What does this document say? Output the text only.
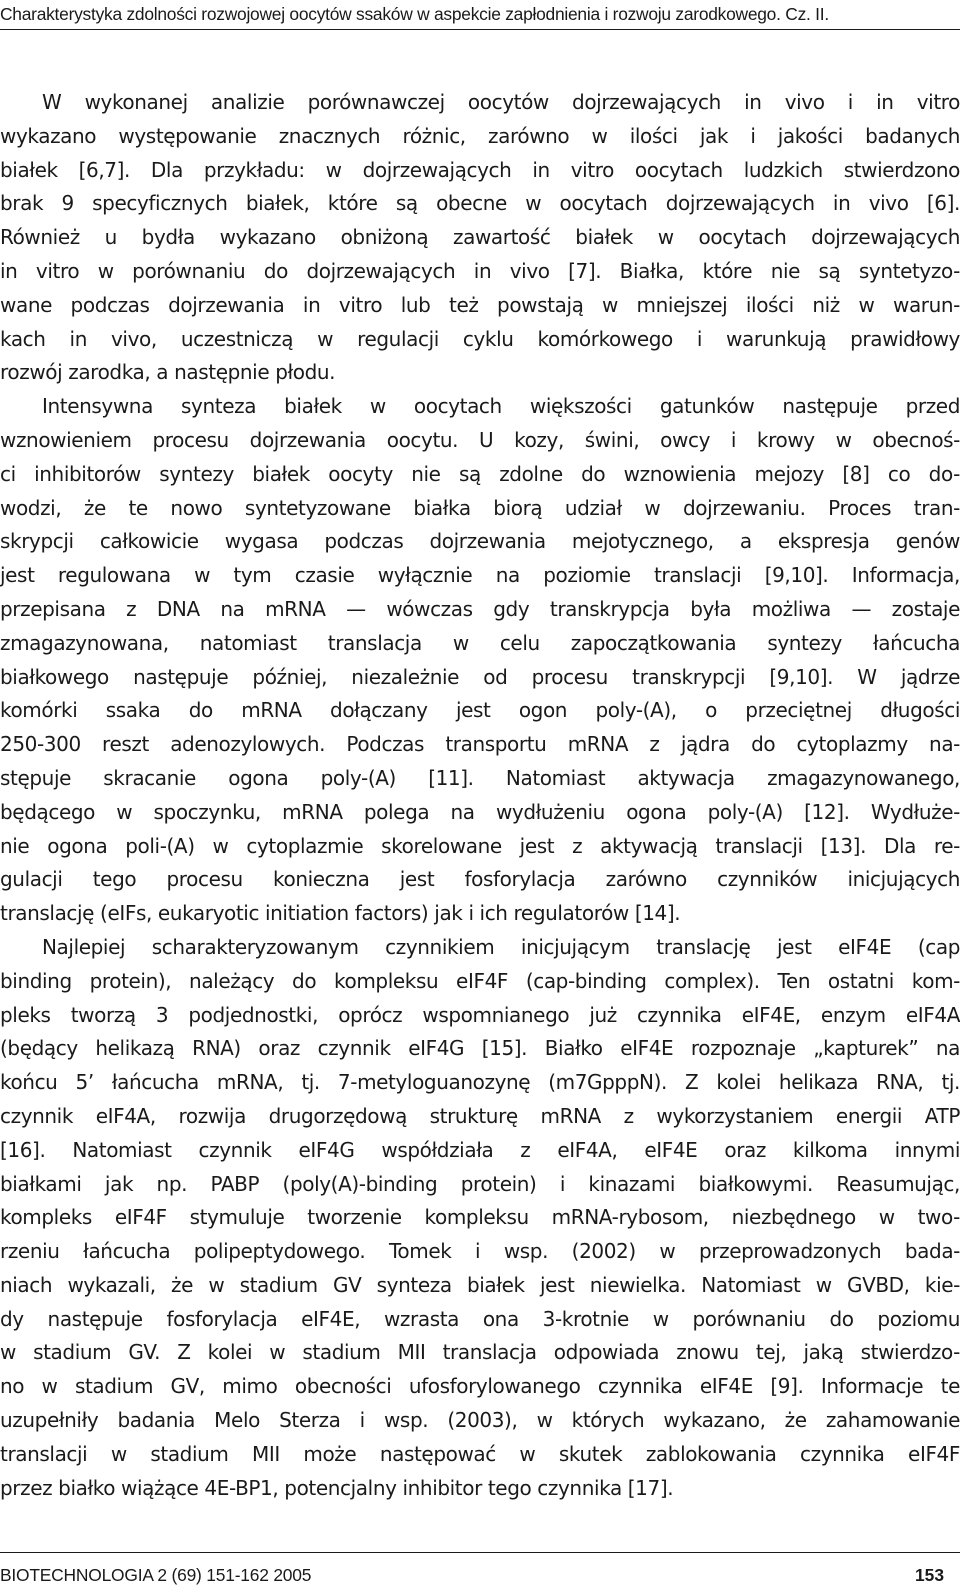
Charakterystyka zdolności rozwojowej oocytów ssaków w aspekcie zapłodnienia i rozwoju zarodkowego. Cz. II.

W wykonanej analizie porównawczej oocytów dojrzewających in vivo i in vitro
wykazano występowanie znacznych różnic, zarówno w ilości jak i jakości badanych
białek [6,7]. Dla przykładu: w dojrzewających in vitro oocytach ludzkich stwierdzono
brak 9 specyficznych białek, które są obecne w oocytach dojrzewających in vivo [6].
Również u bydła wykazano obniżoną zawartość białek w oocytach dojrzewających
in vitro w porównaniu do dojrzewających in vivo [7]. Białka, które nie są syntetyzo-
wane podczas dojrzewania in vitro lub też powstają w mniejszej ilości niż w warun-
kach in vivo, uczestniczą w regulacji cyklu komórkowego i warunkują prawidłowy
rozwój zarodka, a następnie płodu.

Intensywna synteza białek w oocytach większości gatunków następuje przed
wznowieniem procesu dojrzewania oocytu. U kozy, świni, owcy i krowy w obecnoś-
ci inhibitorów syntezy białek oocyty nie są zdolne do wznowienia mejozy [8] co do-
wodzi, że te nowo syntetyzowane białka biorą udział w dojrzewaniu. Proces tran-
skrypcji całkowicie wygasa podczas dojrzewania mejotycznego, a ekspresja genów
jest regulowana w tym czasie wyłącznie na poziomie translacji [9,10]. Informacja,
przepisana z DNA na mRNA — wówczas gdy transkrypcja była możliwa — zostaje
zmagazynowana, natomiast translacja w celu zapoczątkowania syntezy łańcucha
białkowego następuje później, niezależnie od procesu transkrypcji [9,10]. W jądrze
komórki ssaka do mRNA dołączany jest ogon poly-(A), o przeciętnej długości
250-300 reszt adenozylowych. Podczas transportu mRNA z jądra do cytoplazmy na-
stępuje skracanie ogona poly-(A) [11]. Natomiast aktywacja zmagazynowanego,
będącego w spoczynku, mRNA polega na wydłużeniu ogona poly-(A) [12]. Wydłuże-
nie ogona poli-(A) w cytoplazmie skorelowane jest z aktywacją translacji [13]. Dla re-
gulacji tego procesu konieczna jest fosforylacja zarówno czynników inicjujących
translację (eIFs, eukaryotic initiation factors) jak i ich regulatorów [14].

Najlepiej scharakteryzowanym czynnikiem inicjującym translację jest eIF4E (cap
binding protein), należący do kompleksu eIF4F (cap-binding complex). Ten ostatni kom-
pleks tworzą 3 podjednostki, oprócz wspomnianego już czynnika eIF4E, enzym eIF4A
(będący helikazą RNA) oraz czynnik eIF4G [15]. Białko eIF4E rozpoznaje „kapturek” na
końcu 5’ łańcucha mRNA, tj. 7-metyloguanozynę (m7GpppN). Z kolei helikaza RNA, tj.
czynnik eIF4A, rozwija drugorzędową strukturę mRNA z wykorzystaniem energii ATP
[16]. Natomiast czynnik eIF4G współdziała z eIF4A, eIF4E oraz kilkoma innymi
białkami jak np. PABP (poly(A)-binding protein) i kinazami białkowymi. Reasumując,
kompleks eIF4F stymuluje tworzenie kompleksu mRNA-rybosom, niezbędnego w two-
rzeniu łańcucha polipeptydowego. Tomek i wsp. (2002) w przeprowadzonych bada-
niach wykazali, że w stadium GV synteza białek jest niewielka. Natomiast w GVBD, kie-
dy następuje fosforylacja eIF4E, wzrasta ona 3-krotnie w porównaniu do poziomu
w stadium GV. Z kolei w stadium MII translacja odpowiada znowu tej, jaką stwierdzo-
no w stadium GV, mimo obecności ufosforylowanego czynnika eIF4E [9]. Informacje te
uzupełniły badania Melo Sterza i wsp. (2003), w których wykazano, że zahamowanie
translacji w stadium MII może następować w skutek zablokowania czynnika eIF4F
przez białko wiążące 4E-BP1, potencjalny inhibitor tego czynnika [17].

BIOTECHNOLOGIA 2 (69) 151-162 2005	153
